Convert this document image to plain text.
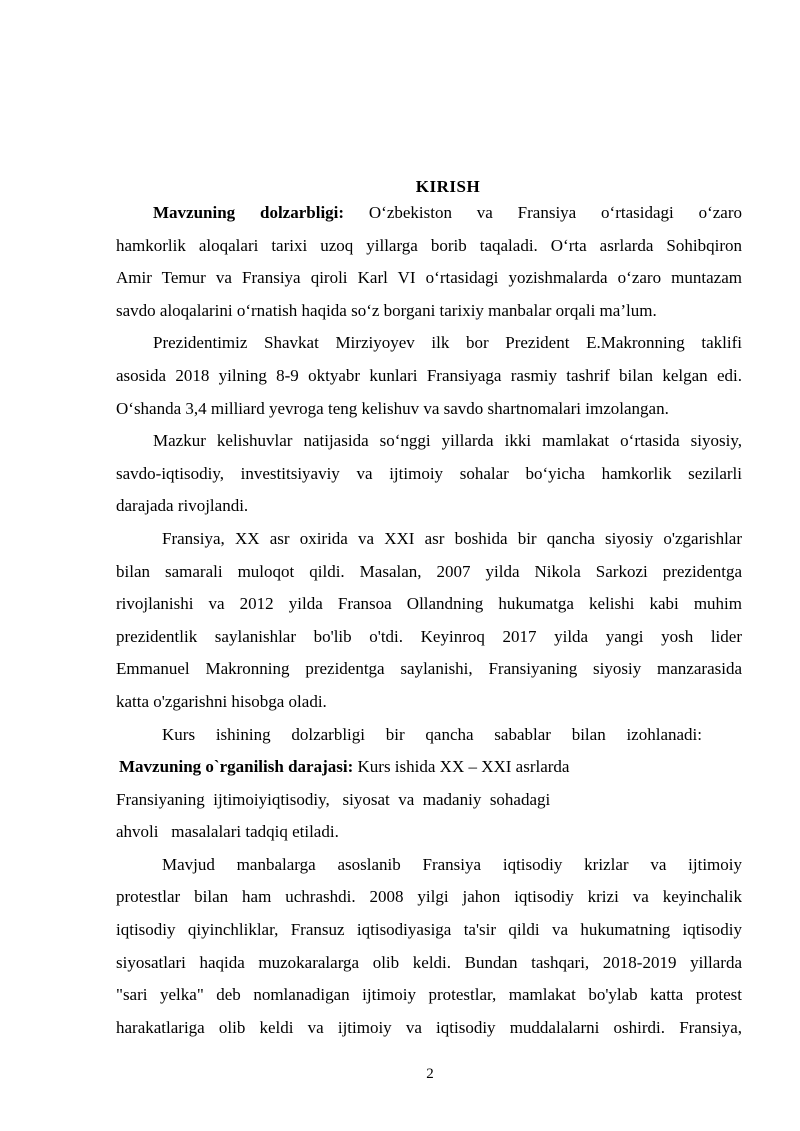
KIRISH
Mavzuning dolzarbligi: O‘zbekiston va Fransiya o‘rtasidagi o‘zaro
hamkorlik aloqalari tarixi uzoq yillarga borib taqaladi. O‘rta asrlarda Sohibqiron
Amir Temur va Fransiya qiroli Karl VI o‘rtasidagi yozishmalarda o‘zaro muntazam
savdo aloqalarini o‘rnatish haqida so‘z borgani tarixiy manbalar orqali ma’lum.
Prezidentimiz Shavkat Mirziyoyev ilk bor Prezident E.Makronning taklifi
asosida 2018 yilning 8-9 oktyabr kunlari Fransiyaga rasmiy tashrif bilan kelgan edi.
O‘shanda 3,4 milliard yevroga teng kelishuv va savdo shartnomalari imzolangan.
Mazkur kelishuvlar natijasida so‘nggi yillarda ikki mamlakat o‘rtasida siyosiy,
savdo-iqtisodiy, investitsiyaviy va ijtimoiy sohalar bo‘yicha hamkorlik sezilarli
darajada rivojlandi.
Fransiya, XX asr oxirida va XXI asr boshida bir qancha siyosiy o'zgarishlar
bilan samarali muloqot qildi. Masalan, 2007 yilda Nikola Sarkozi prezidentga
rivojlanishi va 2012 yilda Fransoa Ollandning hukumatga kelishi kabi muhim
prezidentlik saylanishlar bo'lib o'tdi. Keyinroq 2017 yilda yangi yosh lider
Emmanuel Makronning prezidentga saylanishi, Fransiyaning siyosiy manzarasida
katta o'zgarishni hisobga oladi.
Kurs ishining dolzarbligi bir qancha sabablar bilan izohlanadi:
Mavzuning o`rganilish darajasi: Kurs ishida XX – XXI asrlarda
Fransiyaning  ijtimoiyiqtisodiy,   siyosat  va  madaniy  sohadagi
ahvoli   masalalari tadqiq etiladi.
Mavjud manbalarga asoslanib Fransiya iqtisodiy krizlar va ijtimoiy
protestlar bilan ham uchrashdi. 2008 yilgi jahon iqtisodiy krizi va keyinchalik
iqtisodiy qiyinchliklar, Fransuz iqtisodiyasiga ta'sir qildi va hukumatning iqtisodiy
siyosatlari haqida muzokaralarga olib keldi. Bundan tashqari, 2018-2019 yillarda
"sari yelka" deb nomlanadigan ijtimoiy protestlar, mamlakat bo'ylab katta protest
harakatlariga olib keldi va ijtimoiy va iqtisodiy muddalalarni oshirdi. Fransiya,
2
